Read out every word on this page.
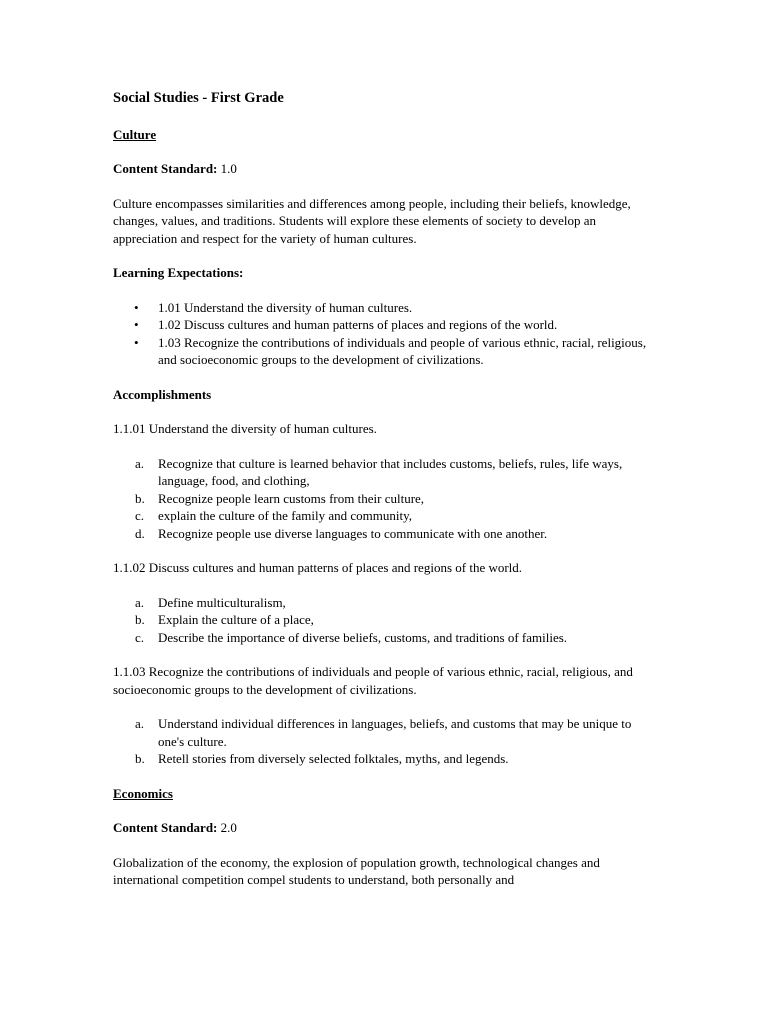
Social Studies - First Grade
Culture

Content Standard: 1.0

Culture encompasses similarities and differences among people, including their beliefs, knowledge, changes, values, and traditions. Students will explore these elements of society to develop an appreciation and respect for the variety of human cultures.

Learning Expectations:
• 1.01 Understand the diversity of human cultures.
• 1.02 Discuss cultures and human patterns of places and regions of the world.
• 1.03 Recognize the contributions of individuals and people of various ethnic, racial, religious, and socioeconomic groups to the development of civilizations.
Accomplishments

1.1.01 Understand the diversity of human cultures.

a. Recognize that culture is learned behavior that includes customs, beliefs, rules, life ways, language, food, and clothing,
b. Recognize people learn customs from their culture,
c. explain the culture of the family and community,
d. Recognize people use diverse languages to communicate with one another.

1.1.02 Discuss cultures and human patterns of places and regions of the world.

a. Define multiculturalism,
b. Explain the culture of a place,
c. Describe the importance of diverse beliefs, customs, and traditions of families.

1.1.03 Recognize the contributions of individuals and people of various ethnic, racial, religious, and socioeconomic groups to the development of civilizations.

a. Understand individual differences in languages, beliefs, and customs that may be unique to one's culture.
b. Retell stories from diversely selected folktales, myths, and legends.
Economics

Content Standard: 2.0

Globalization of the economy, the explosion of population growth, technological changes and international competition compel students to understand, both personally and
